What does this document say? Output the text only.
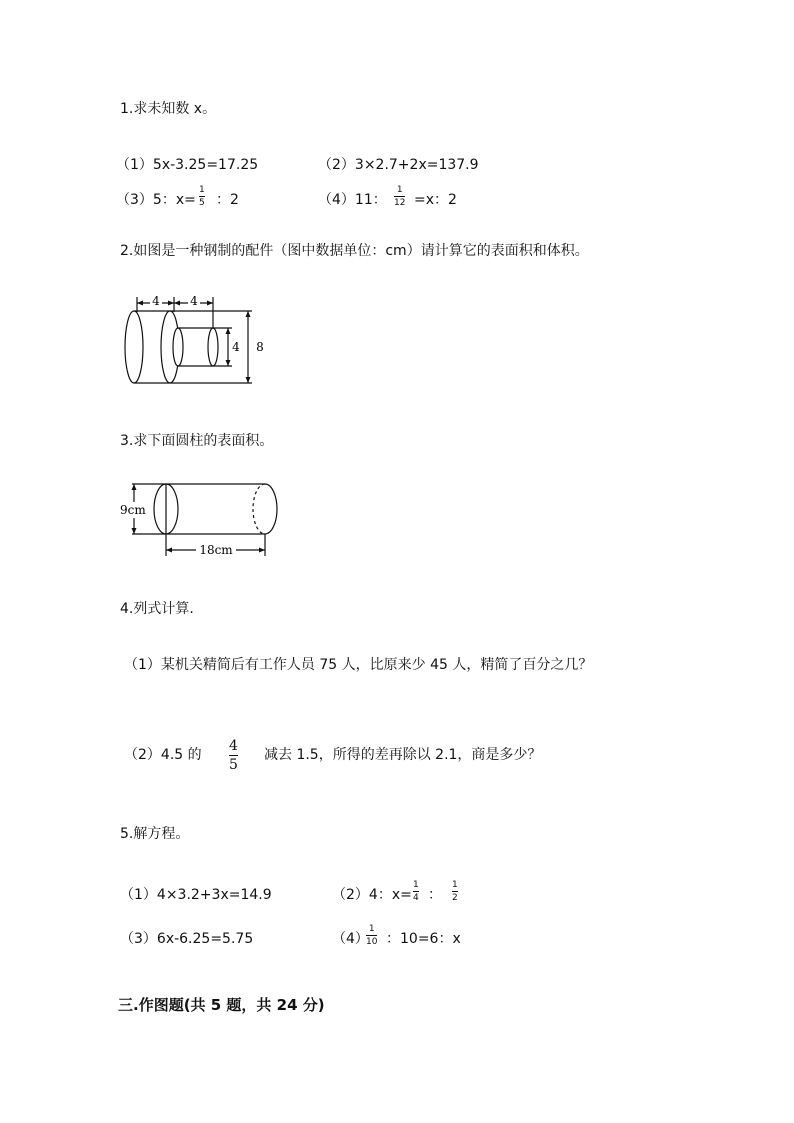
1.求未知数 x。
（1）5x-3.25=17.25	（2）3×2.7+2x=137.9
（3）5：x=
1
5 ：2	（4）11：
1
12 =x：2
2.如图是一种钢制的配件（图中数据单位：cm）请计算它的表面积和体积。
4	4
4 8
3.求下面圆柱的表面积。
9cm
18cm
4.列式计算.
（1）某机关精简后有工作人员 75 人，比原来少 45 人，精简了百分之几？
（2）4.5 的
4
5
减去 1.5，所得的差再除以 2.1，商是多少？
5.解方程。
（1）4×3.2+3x=14.9	（2）4：x=
1
4 ：
1
2
（3）6x-6.25=5.75	（4）
1
10 ：10=6：x
三.作图题(共 5 题，共 24 分)
